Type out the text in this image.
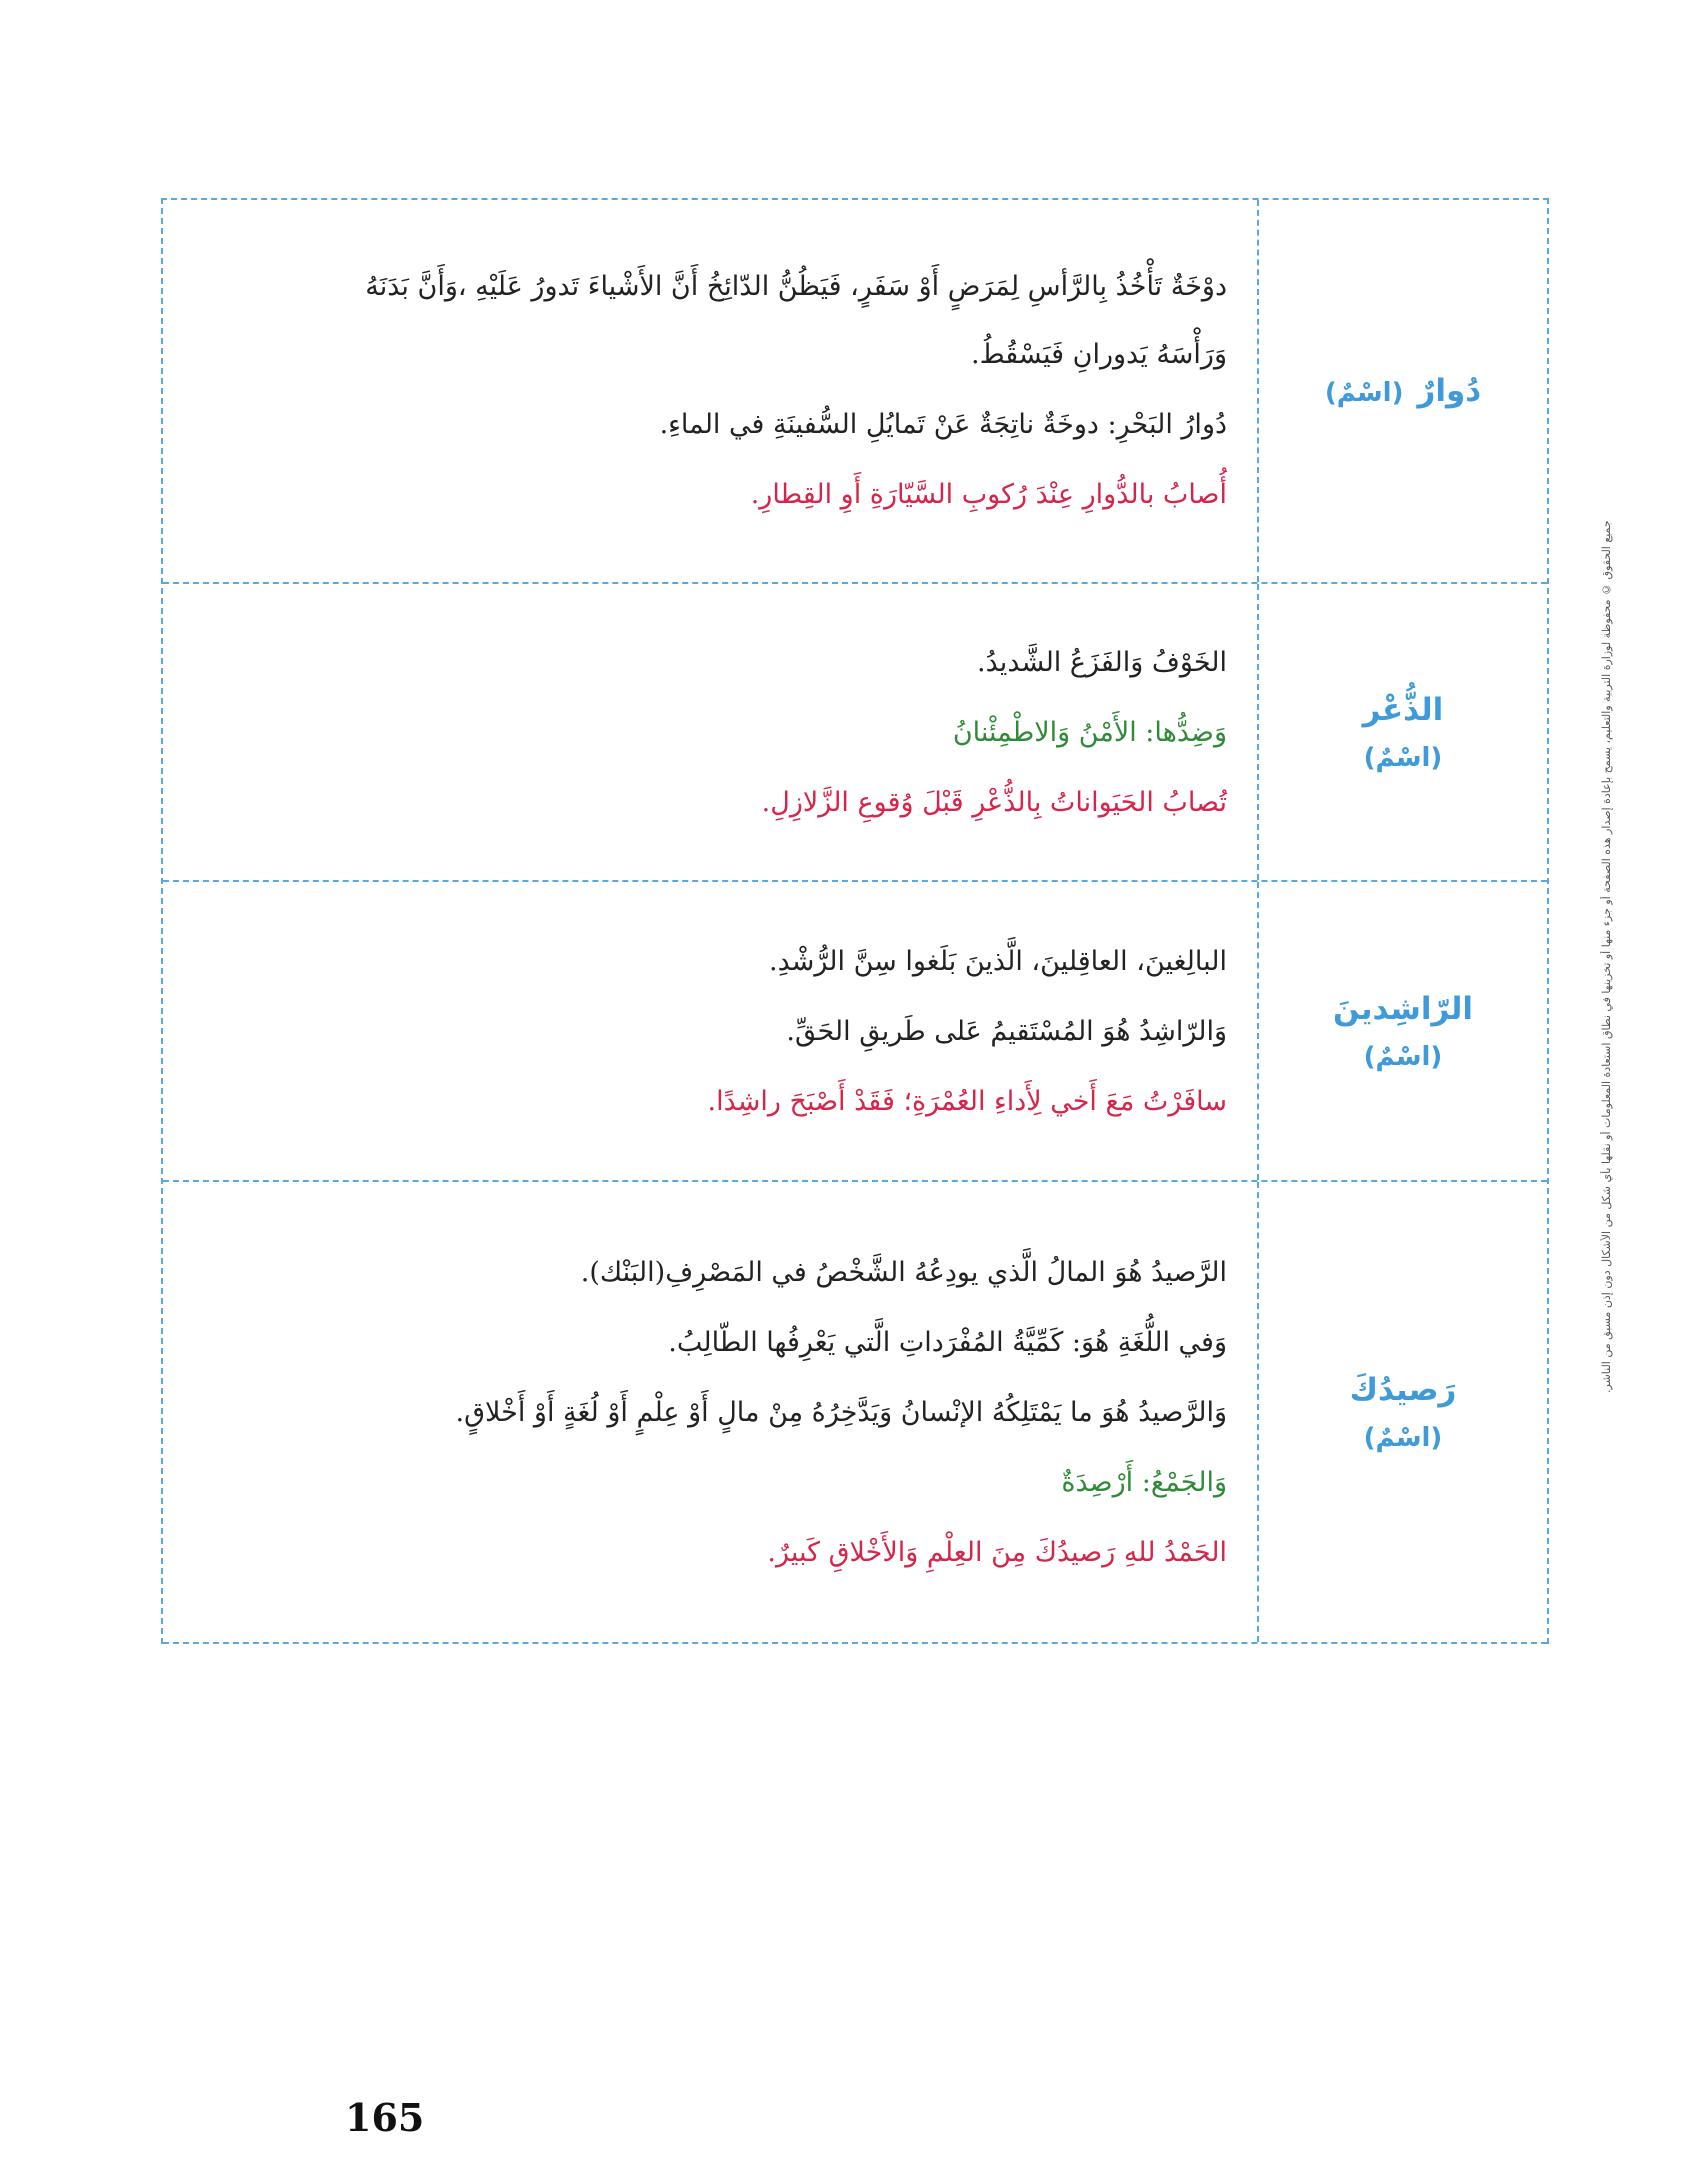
دوْخَةٌ تَأْخُذُ بِالرَّأسِ لِمَرَضٍ أَوْ سَفَرٍ، فَيَظُنُّ الدّائِخُ أَنَّ الأَشْياءَ تَدورُ عَلَيْهِ ،وَأَنَّ بَدَنَهُ
وَرَأْسَهُ يَدورانِ فَيَسْقُطُ.
دُوارُ البَحْرِ: دوخَةٌ ناتِجَةٌ عَنْ تَمايُلِ السُّفينَةِ في الماءِ.
أُصابُ بالدُّوارِ عِنْدَ رُكوبِ السَّيّارَةِ أَوِ القِطارِ.
دُوارٌ
(اسْمٌ)
الخَوْفُ وَالفَزَعُ الشَّديدُ.
وَضِدُّها: الأَمْنُ وَالاطْمِئْنانُ
تُصابُ الحَيَواناتُ بِالذُّعْرِ قَبْلَ وُقوعِ الزَّلازِلِ.
الذُّعْر
(اسْمٌ)
البالِغينَ، العاقِلينَ، الَّذينَ بَلَغوا سِنَّ الرُّشْدِ.
وَالرّاشِدُ هُوَ المُسْتَقيمُ عَلى طَريقِ الحَقِّ.
سافَرْتُ مَعَ أَخي لِأَداءِ العُمْرَةِ؛ فَقَدْ أَصْبَحَ راشِدًا.
الرّاشِدينَ
(اسْمٌ)
الرَّصيدُ هُوَ المالُ الَّذي يودِعُهُ الشَّخْصُ في المَصْرِفِ(البَنْك).
وَفي اللُّغَةِ هُوَ: كَمِّيَّةُ المُفْرَداتِ الَّتي يَعْرِفُها الطّالِبُ.
وَالرَّصيدُ هُوَ ما يَمْتَلِكُهُ الإنْسانُ وَيَدَّخِرُهُ مِنْ مالٍ أَوْ عِلْمٍ أَوْ لُغَةٍ أَوْ أَخْلاقٍ.
وَالجَمْعُ: أَرْصِدَةٌ
الحَمْدُ للهِ رَصيدُكَ مِنَ العِلْمِ وَالأَخْلاقِ كَبيرٌ.
رَصيدُكَ
(اسْمٌ)
جميع الحقوق © محفوظة لوزارة التربية والتعليم، يسمح بإعادة إصدار هذه الصفحة أو جزء منها أو تخزينها في نطاق استعادة المعلومات أو نقلها بأي شكل من الأشكال دون إذن مسبق من الناشر.
165
